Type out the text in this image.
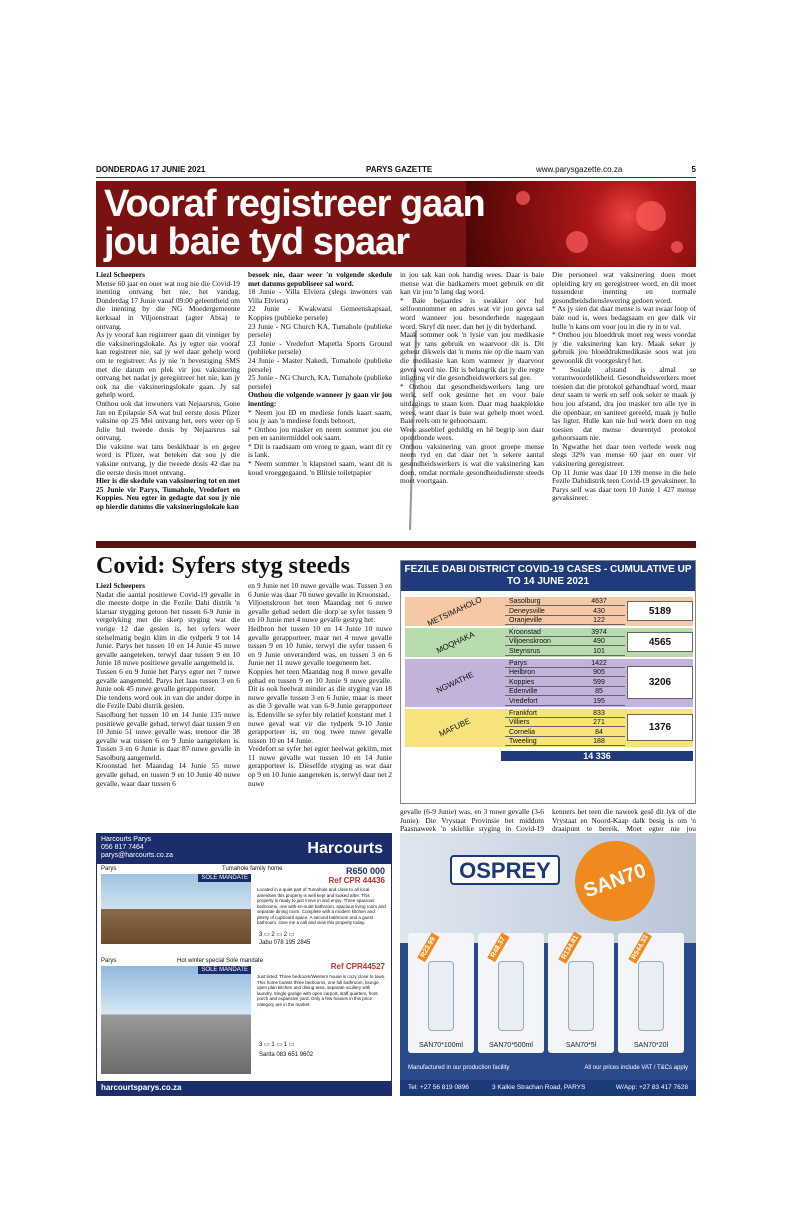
DONDERDAG 17 JUNIE 2021	PARYS GAZETTE	www.parysgazette.co.za	5
Vooraf registreer gaan
jou baie tyd spaar

Liezl Scheepers

Mense 60 jaar en ouer wat nog nie die Covid-19 inenting ontvang het nie, het vandag, Donderdag 17 Junie vanaf 09:00 geleentheid om die inenting by die NG Moedergemeente kerksaal in Viljoenstraat (agter Absa) te ontvang.

As jy vooraf kan registreer gaan dit vinniger by die vaksineringslokale. As jy egter nie vooraf kan registreer nie, sal jy wel daar gehelp word om te registreer. As jy nie 'n bevestiging SMS met die datum en plek vir jou vaksinering ontvang het nadat jy geregistreer het nie, kan jy ook na die vaksineringslokale gaan. Jy sal gehelp word.

Onthou ook dat inwoners van Nejaarsrus, Gone Jan en Epilapsie SA wat hul eerste dosis Pfizer vaksine op 25 Mei ontvang het, eers weer op 6 Julie hul tweede dosis by Nejaarsrus sal ontvang.

Die vaksine wat tans beskikbaar is en gegee word is Pfizer, wat beteken dat sou jy die vaksine ontvang, jy die tweede dosis 42 dae na die eerste dosis moet ontvang.

Hier is die skedule van vaksinering tot en met 25 Junie vir Parys, Tumahole, Vredefort en Koppies. Neu egter in gedagte dat sou jy nie op hierdie datums die vaksineringslokale kan

besoek nie, daar weer 'n volgende skedule met datums gepubliseer sal word.

18 Junie - Villa Elviera (slegs inwoners van Villa Elviera)

22 Junie - Kwakwatsi Gemeenskapsaal, Koppies (publieke persele)

23 Junie - NG Church KA, Tumahole (publieke persele)

23 Junie - Vredefort Mapetla Sports Ground (publieke persele)

24 Junie - Master Nakedi, Tumahole (publieke persele)

25 Junie - NG Church, KA, Tumahole (publieke persele)

Onthou die volgende wanneer jy gaan vir jou inenting:

* Neem jou ID en mediese fonds kaart saam, sou jy aan 'n mediese fonds behoort.

* Onthou jou masker en neem sommer jou eie pen en sanitermiddel ook saam.

* Dit is raadsaam om vroeg te gaan, want dit ry is lank.

* Neem sommer 'n klapstoel saam, want dit is koud vroeggegaand. 'n Blitsie toiletpapier

in jou sak kan ook handig wees. Daar is baie mense wat die badkamers moet gebruik en dit kan vir jou 'n lang dag word.

* Baie bejaardes is swakker oor hul selfoonnommer en adres wat vir jou gevra sal word wanneer jou besonderhede nagegaan word. Skryf dit neer, dan het jy dit byderhand.

Maak sommer ook 'n lysie van jou medikasie wat jy tans gebruik en waarvoor dit is. Dit gebeur dikwels dat 'n mens nie op die naam van die medikasie kan kom wanneer jy daarvoor gevra word nie. Dit is belangrik dat jy die regte inligting vir die gesondheidswerkers sal gee.

* Onthou dat gesondheidswerkers lang ure werk, self ook gesinne het en voor baie uitdagings te staan kom. Daar mag haakplekke wees, want daar is baie wat gehelp moet word. Baie reels om te gehoorsaam.

Wees asseblief geduldig en hê begrip son daar opontbonde wees.

Onthou vaksinering van groot groepe mense neem tyd en dat daar net 'n sekere aantal gesondheidswerkers is wat die vaksinering kan doen, omdat normale gesondheidsdienste steeds moet voortgaan.

Die personeel wat vaksinering doen moet opleiding kry en geregistreer word, en dit moet tussendeur inenting en normale gesondheidsdienslewering gedoen word.

* As jy sien dat daar mense is wat swaar loop of baie oud is, wees bedagsaam en gee dalk vir hulle 'n kans om voor jou in die ry in te val.

* Onthou jou bloeddruk moet reg wees voordat jy die vaksinering kan kry. Maak seker jy gebruik jou bloeddrukmedikasie soos wat jou gewoonlik dit voorgeskryf het.

* Sosiale afstand is almal se verantwoordelikheid. Gesondheidswerkers moet toesien dat die protokol gehandhaaf word, maar deur saam te werk en self ook seker te maak jy hou jou afstand, dra jou masker ten alle tye in die openbaar, en saniteer gereeld, maak jy hulle las ligter. Hulle kan nie hul werk doen en nog toesien dat mense deurentyd protokol gehoorsaam nie.

In Ngwathe het daar teen verlede week nog slegs 32% van mense 60 jaar en ouer vir vaksinering geregistreer.

Op 11 Junie was daar 10 139 mense in die hele Fezile Dabidistrik teen Covid-19 gevaksineer. In Parys self was daar teen 10 Junie 1 427 mense gevaksineer.

Covid: Syfers styg steeds

Liezl Scheepers

Nadat die aantal positiewe Covid-19 gevalle in die meeste dorpe in die Fezile Dabi distrik 'n klaruar stygging getoon het tussen 6-9 Junie in vergelyking met die skerp styging wat die vorige 12 dae gesien is, het syfers weer stelselmatig begin klim in die tydperk 9 tot 14 Junie. Parys het tussen 10 en 14 Junie 45 nuwe gevalle aangeteken, terwyl daar tussen 9 en 10 Junie 18 nuwe positiewe gevalle aangemeld is.

Tussen 6 en 9 Junie het Parys egter net 7 nuwe gevalle aangemeld. Parys het laas tussen 3 en 6 Junie ook 45 nuwe gevalle gerapporteer.

Die tendens word ook in van die ander dorpe in die Fezile Dabi distrik gesien.

Sasolburg het tussen 10 en 14 Junie 135 nuwe positiewe gevalle gehad, terwyl daar tussen 9 en 10 Junie 51 nuwe gevalle was, teenoor die 38 gevalle wat tussen 6 en 9 Junie aangeteken is. Tussen 3 en 6 Junie is daar 87 nuwe gevalle in Sasolburg aangemeld.

Kroonstad het Maandag 14 Junie 55 nuwe gevalle gehad, en tussen 9 en 10 Junie 40 nuwe gevalle, waar daar tussen 6

en 9 Junie net 10 nuwe gevalle was. Tussen 3 en 6 Junie was daar 70 nuwe gevalle in Kroonstad.

Viljoenskroon het teen Maandag net 6 nuwe gevalle gehad sedert die dorp se syfer tussen 9 en 10 Junie met 4 nuwe gevalle gestyg het.

Heilbron het tussen 10 en 14 Junie 10 nuwe gevalle gerapporteer, maar net 4 nuwe gevalle tussen 9 en 10 Junie, terwyl die syfer tussen 6 en 9 Junie onveranderd was, en tussen 3 en 6 Junie net 11 nuwe gevalle toegeneem het.

Koppies het teen Maandag nog 8 nuwe gevalle gehad en tussen 9 en 10 Junie 9 nuwe gevalle. Dit is ook heelwat minder as die styging van 18 nuwe gevalle tussen 3 en 6 Junie, maar is meer as die 3 gevalle wat van 6-9 Junie gerapporteer is. Edenville se syfer bly relatief konstant met 1 nuwe geval wat vir die tydperk 9-10 Junie gerapporteer is, en nog twee nuwe gevalle tussen 10 en 14 Junie.

Vredefort se syfer het egter heelwat gekilm, met 11 nuwe gevalle wat tussen 10 en 14 Junie gerapporteer is. Dieselfde styging as wat daar op 9 en 10 Junie aangeteken is, terwyl daar net 2 nuwe

FEZILE DABI DISTRICT COVID-19 CASES - CUMULATIVE UP TO 14 JUNE 2021
METSIMAHOLO	Sasolburg	4637
Deneysville	430
Oranjeville	122
5189
MOQHAKA	Kroonstad	3974
Viljoenskroon	490
Steynsrus	101
4565
NGWATHE
Parys	1422
Heilbron	905
Koppies	599
Edenville	85
Vredefort	195
3206
MAFUBE
Frankfort	833
Villiers	271
Cornelia	84
Tweeling	188
1376
14 336

gevalle (6-9 Junie) was, en 3 nuwe gevalle (3-6 Junie). Die Vrystaat Provinsie het middum Paasnaweek 'n skielike styging in Covid-19

kenners het teen die naweek gesê dit lyk of die Vrystaat en Noord-Kaap dalk besig is om 'n draaipunt te bereik. Moet egter nie jou

Harcourts Parys
056 817 7464
parys@harcourts.co.za	Harcourts
Parys	Tumahole family home
SOLE MANDATE
R650 000
Ref CPR 44436
Located in a quiet part of Tumahole and close to all local amenities this property is well kept and looked after. This property is ready to just move in and enjoy. Three spacious bedrooms, one with en-suite bathroom, spacious living room and separate dining room. Complete with a modern kitchen and plenty of cupboard space. A second bathroom and a guest bathroom. Give me a call and view this property today.
3 ▭ 2 ▭ 2 ▭
Jabu 078 195 2845
Parys	Hot winter special Sole mandate
SOLE MANDATE	Ref CPR44527
Just listed. Three bedroom/Western house is cozy close to town. This home boasts three bedrooms, one full bathroom, lounge, open plan kitchen and dining area, separate scullery with laundry. Single garage with open carport, staff quarters, front porch and expansive yard. Only a few houses in this price category are in the market.
3 ▭ 1 ▭ 1 ▭
Sarita 083 651 9602
harcourtsparys.co.za
OSPREY	SAN70
R23.99
SAN70*100ml
R48.37
SAN70*500ml
R134.81
SAN70*5l
R544.33
SAN70*20l
Manufactured in our production facility	All our prices include VAT / T&Cs apply
Tel: +27 56 819 0896	3 Kalkie Strachan Road, PARYS	W/App: +27 83 417 7628
